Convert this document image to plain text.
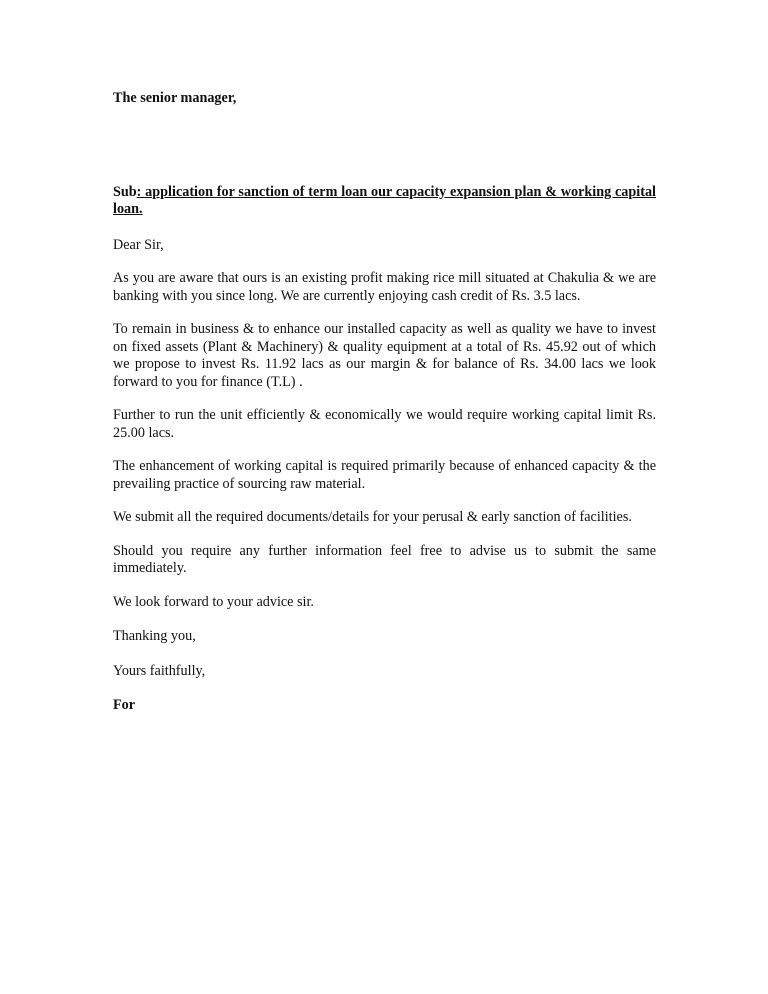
The senior manager,

Sub: application for sanction of term loan our capacity expansion plan & working capital loan.

Dear Sir,

As you are aware that ours is an existing profit making rice mill situated at Chakulia & we are banking with you since long. We are currently enjoying cash credit of Rs. 3.5 lacs.

To remain in business & to enhance our installed capacity as well as quality we have to invest on fixed assets (Plant & Machinery) & quality equipment at a total of Rs. 45.92 out of which we propose to invest Rs. 11.92 lacs as our margin & for balance of Rs. 34.00 lacs we look forward to you for finance (T.L) .

Further to run the unit efficiently & economically we would require working capital limit Rs. 25.00 lacs.

The enhancement of working capital is required primarily because of enhanced capacity & the prevailing practice of sourcing raw material.

We submit all the required documents/details for your perusal & early sanction of facilities.

Should you require any further information feel free to advise us to submit the same immediately.

We look forward to your advice sir.

Thanking you,

Yours faithfully,

For
